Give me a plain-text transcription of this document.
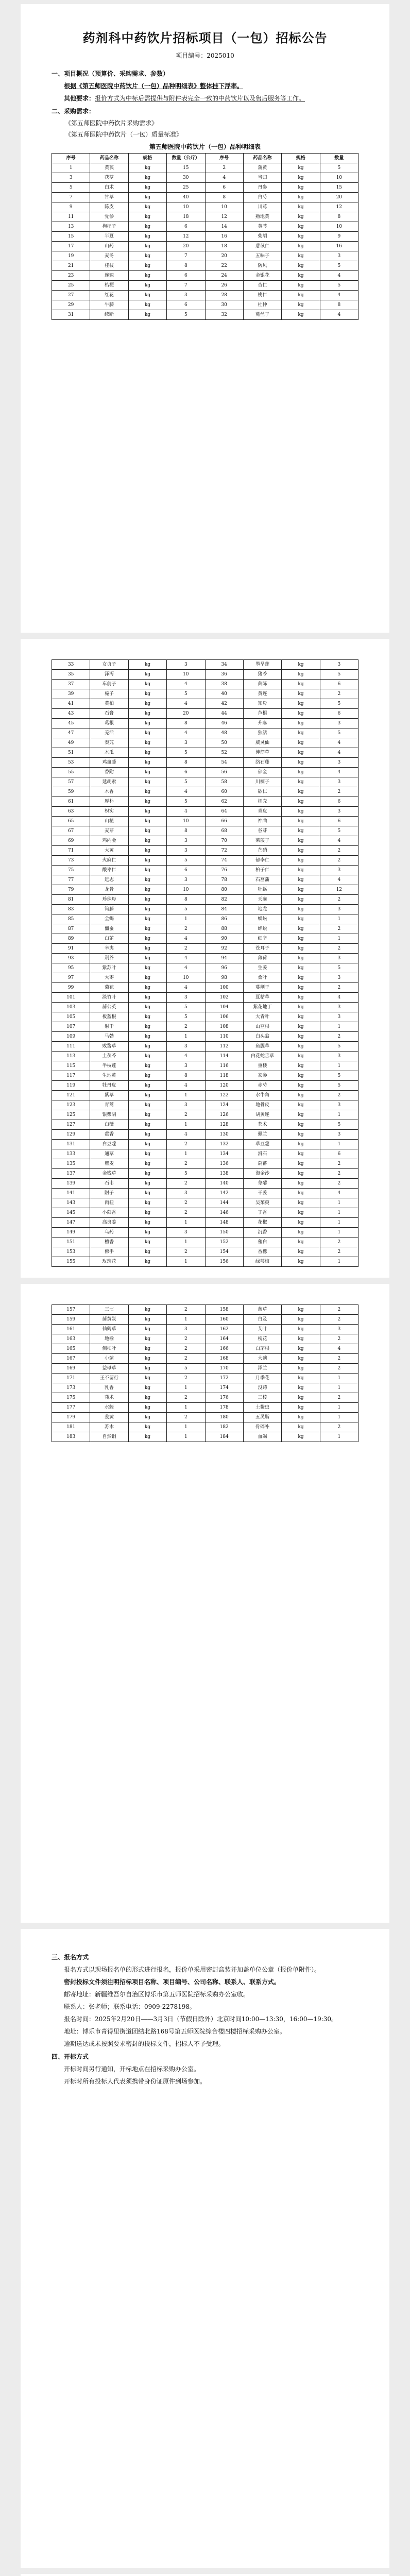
药剂科中药饮片招标项目（一包）招标公告
项目编号：2025010
一、项目概况（预算价、采购需求、参数）
根据《第五师医院中药饮片（一包）品种明细表》整体挂下浮率。
其他要求：报价方式为中标后需提供与附件表完全一致的中药饮片以及售后服务等工作。
二、采购需求：
《第五师医院中药饮片采购需求》
《第五师医院中药饮片（一包）质量标准》
第五师医院中药饮片（一包）品种明细表
序号	药品名称	规格	数量（公斤）	序号	药品名称	规格	数量
1	黄芪	kg	15	2	蒲黄	kg	5
3	茯苓	kg	30	4	当归	kg	10
5	白术	kg	25	6	丹参	kg	15
7	甘草	kg	40	8	白芍	kg	20
9	陈皮	kg	10	10	川芎	kg	12
11	党参	kg	18	12	熟地黄	kg	8
13	枸杞子	kg	6	14	黄芩	kg	10
15	半夏	kg	12	16	柴胡	kg	9
17	山药	kg	20	18	薏苡仁	kg	16
19	麦冬	kg	7	20	五味子	kg	3
21	桂枝	kg	8	22	防风	kg	5
23	连翘	kg	6	24	金银花	kg	4
25	桔梗	kg	7	26	杏仁	kg	5
27	红花	kg	3	28	桃仁	kg	4
29	牛膝	kg	6	30	杜仲	kg	8
31	续断	kg	5	32	菟丝子	kg	4
33	女贞子	kg	3	34	墨旱莲	kg	3
35	泽泻	kg	10	36	猪苓	kg	5
37	车前子	kg	4	38	茵陈	kg	6
39	栀子	kg	5	40	黄连	kg	2
41	黄柏	kg	4	42	知母	kg	5
43	石膏	kg	20	44	芦根	kg	6
45	葛根	kg	8	46	升麻	kg	3
47	羌活	kg	4	48	独活	kg	5
49	秦艽	kg	3	50	威灵仙	kg	4
51	木瓜	kg	5	52	伸筋草	kg	4
53	鸡血藤	kg	8	54	络石藤	kg	3
55	香附	kg	6	56	郁金	kg	4
57	延胡索	kg	5	58	川楝子	kg	3
59	木香	kg	4	60	砂仁	kg	2
61	厚朴	kg	5	62	枳壳	kg	6
63	枳实	kg	4	64	青皮	kg	3
65	山楂	kg	10	66	神曲	kg	6
67	麦芽	kg	8	68	谷芽	kg	5
69	鸡内金	kg	3	70	莱菔子	kg	4
71	大黄	kg	3	72	芒硝	kg	2
73	火麻仁	kg	5	74	郁李仁	kg	2
75	酸枣仁	kg	6	76	柏子仁	kg	3
77	远志	kg	3	78	石菖蒲	kg	4
79	龙骨	kg	10	80	牡蛎	kg	12
81	珍珠母	kg	8	82	天麻	kg	2
83	钩藤	kg	5	84	地龙	kg	3
85	全蝎	kg	1	86	蜈蚣	kg	1
87	僵蚕	kg	2	88	蝉蜕	kg	2
89	白芷	kg	4	90	细辛	kg	1
91	辛夷	kg	2	92	苍耳子	kg	2
93	荆芥	kg	4	94	薄荷	kg	3
95	紫苏叶	kg	4	96	生姜	kg	5
97	大枣	kg	10	98	桑叶	kg	3
99	菊花	kg	4	100	蔓荆子	kg	2
101	淡竹叶	kg	3	102	夏枯草	kg	4
103	蒲公英	kg	5	104	紫花地丁	kg	3
105	板蓝根	kg	5	106	大青叶	kg	3
107	射干	kg	2	108	山豆根	kg	1
109	马勃	kg	1	110	白头翁	kg	2
111	败酱草	kg	3	112	鱼腥草	kg	5
113	土茯苓	kg	4	114	白花蛇舌草	kg	3
115	半枝莲	kg	3	116	重楼	kg	1
117	生地黄	kg	8	118	玄参	kg	5
119	牡丹皮	kg	4	120	赤芍	kg	5
121	紫草	kg	1	122	水牛角	kg	2
123	青蒿	kg	3	124	地骨皮	kg	3
125	银柴胡	kg	2	126	胡黄连	kg	1
127	白薇	kg	1	128	苍术	kg	5
129	藿香	kg	4	130	佩兰	kg	3
131	白豆蔻	kg	2	132	草豆蔻	kg	1
133	通草	kg	1	134	滑石	kg	6
135	瞿麦	kg	2	136	萹蓄	kg	2
137	金钱草	kg	5	138	海金沙	kg	2
139	石韦	kg	2	140	萆薢	kg	2
141	附子	kg	3	142	干姜	kg	4
143	肉桂	kg	2	144	吴茱萸	kg	1
145	小茴香	kg	2	146	丁香	kg	1
147	高良姜	kg	1	148	花椒	kg	1
149	乌药	kg	3	150	沉香	kg	1
151	檀香	kg	1	152	薤白	kg	2
153	佛手	kg	2	154	香橼	kg	2
155	玫瑰花	kg	1	156	绿萼梅	kg	1
157	三七	kg	2	158	茜草	kg	2
159	蒲黄炭	kg	1	160	白及	kg	2
161	仙鹤草	kg	3	162	艾叶	kg	3
163	地榆	kg	2	164	槐花	kg	2
165	侧柏叶	kg	2	166	白茅根	kg	4
167	小蓟	kg	2	168	大蓟	kg	2
169	益母草	kg	5	170	泽兰	kg	2
171	王不留行	kg	2	172	月季花	kg	1
173	乳香	kg	1	174	没药	kg	1
175	莪术	kg	2	176	三棱	kg	2
177	水蛭	kg	1	178	土鳖虫	kg	1
179	姜黄	kg	2	180	五灵脂	kg	1
181	苏木	kg	1	182	骨碎补	kg	2
183	自然铜	kg	1	184	血竭	kg	1
三、报名方式
报名方式以现场报名单的形式进行报名，报价单采用密封盒装并加盖单位公章（报价单附件）。
密封投标文件须注明招标项目名称、项目编号、公司名称、联系人、联系方式。
邮寄地址：新疆维吾尔自治区博乐市第五师医院招标采购办公室收。
联系人：张老师；联系电话：0909-2278198。
报名时间：2025年2月20日——3月3日（节假日除外）北京时间10:00—13:30，16:00—19:30。
地址：博乐市青得里街道团结北路168号第五师医院综合楼四楼招标采购办公室。
逾期送达或未按照要求密封的投标文件，招标人不予受理。
四、开标方式
开标时间另行通知，开标地点在招标采购办公室。
开标时所有投标人代表须携带身份证原件到场参加。
